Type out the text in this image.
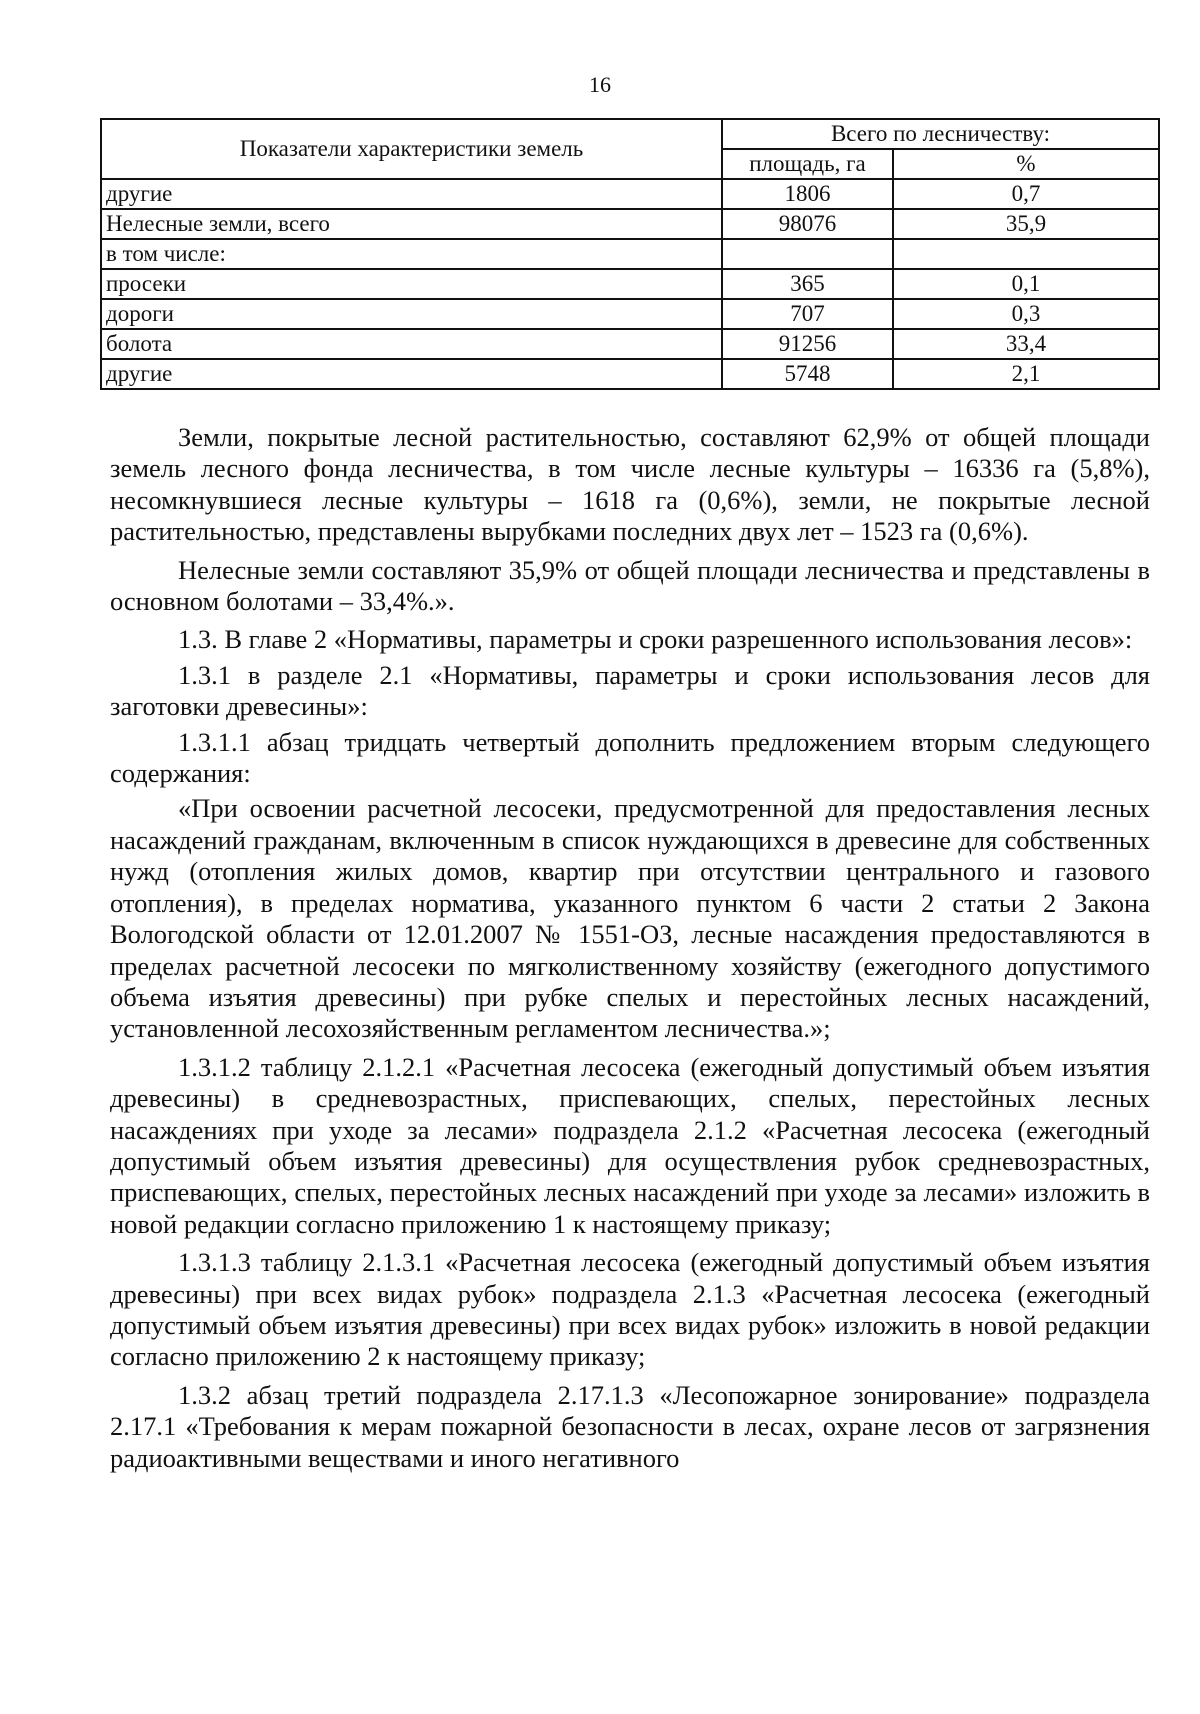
16
Показатели характеристики земель	Всего по лесничеству:	
	площадь, га	%
другие	1806	0,7
Нелесные земли, всего	98076	35,9
в том числе:		
просеки	365	0,1
дороги	707	0,3
болота	91256	33,4
другие	5748	2,1

Земли, покрытые лесной растительностью, составляют 62,9% от общей площади земель лесного фонда лесничества, в том числе лесные культуры – 16336 га (5,8%), несомкнувшиеся лесные культуры – 1618 га (0,6%), земли, не покрытые лесной растительностью, представлены вырубками последних двух лет – 1523 га (0,6%).

Нелесные земли составляют 35,9% от общей площади лесничества и представлены в основном болотами – 33,4%.».

1.3. В главе 2 «Нормативы, параметры и сроки разрешенного использования лесов»:

1.3.1 в разделе 2.1 «Нормативы, параметры и сроки использования лесов для заготовки древесины»:

1.3.1.1 абзац тридцать четвертый дополнить предложением вторым следующего содержания:

«При освоении расчетной лесосеки, предусмотренной для предоставления лесных насаждений гражданам, включенным в список нуждающихся в древесине для собственных нужд (отопления жилых домов, квартир при отсутствии центрального и газового отопления), в пределах норматива, указанного пунктом 6 части 2 статьи 2 Закона Вологодской области от 12.01.2007 № 1551-ОЗ, лесные насаждения предоставляются в пределах расчетной лесосеки по мягколиственному хозяйству (ежегодного допустимого объема изъятия древесины) при рубке спелых и перестойных лесных насаждений, установленной лесохозяйственным регламентом лесничества.»;

1.3.1.2 таблицу 2.1.2.1 «Расчетная лесосека (ежегодный допустимый объем изъятия древесины) в средневозрастных, приспевающих, спелых, перестойных лесных насаждениях при уходе за лесами» подраздела 2.1.2 «Расчетная лесосека (ежегодный допустимый объем изъятия древесины) для осуществления рубок средневозрастных, приспевающих, спелых, перестойных лесных насаждений при уходе за лесами» изложить в новой редакции согласно приложению 1 к настоящему приказу;

1.3.1.3 таблицу 2.1.3.1 «Расчетная лесосека (ежегодный допустимый объем изъятия древесины) при всех видах рубок» подраздела 2.1.3 «Расчетная лесосека (ежегодный допустимый объем изъятия древесины) при всех видах рубок» изложить в новой редакции согласно приложению 2 к настоящему приказу;

1.3.2 абзац третий подраздела 2.17.1.3 «Лесопожарное зонирование» подраздела 2.17.1 «Требования к мерам пожарной безопасности в лесах, охране лесов от загрязнения радиоактивными веществами и иного негативного
